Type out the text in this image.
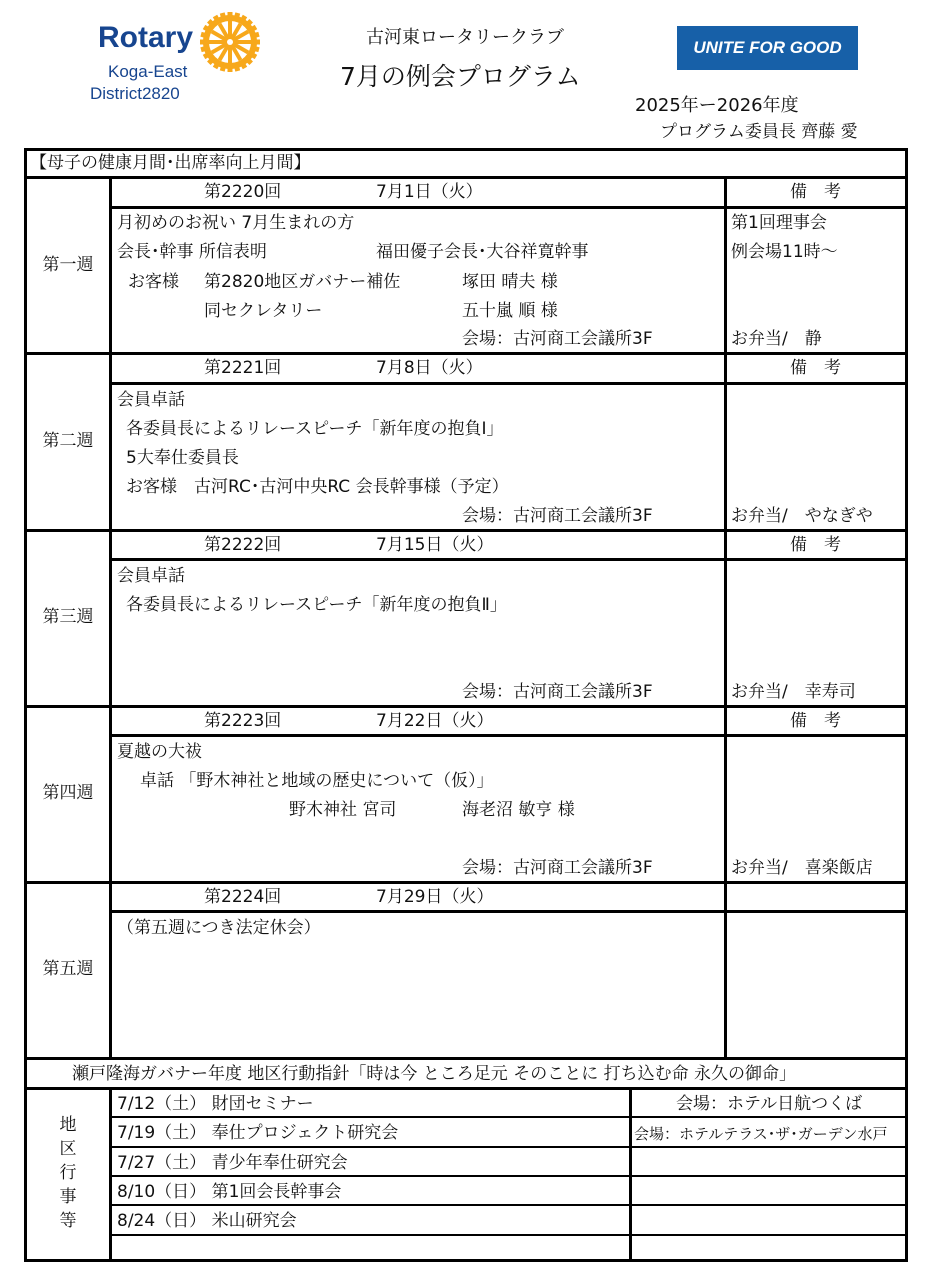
Rotary
Koga-East
District2820
古河東ロータリークラブ
7月の例会プログラム
UNITE FOR GOOD
2025年ー2026年度
プログラム委員長 齊藤 愛
【母子の健康月間･出席率向上月間】
第一週
第2220回	7月1日（火）	備　考
月初めのお祝い 7月生まれの方
会長･幹事 所信表明	福田優子会長･大谷祥寛幹事
お客様 第2820地区ガバナー補佐	塚田 晴夫 様
同セクレタリー	五十嵐 順 様
会場：古河商工会議所3F
第1回理事会
例会場11時～
お弁当/　静
第二週
第2221回	7月8日（火）	備　考
会員卓話
各委員長によるリレースピーチ「新年度の抱負Ⅰ」
5大奉仕委員長
お客様　古河RC･古河中央RC 会長幹事様（予定）
会場：古河商工会議所3F	お弁当/　やなぎや
第三週
第2222回	7月15日（火）	備　考
会員卓話
各委員長によるリレースピーチ「新年度の抱負Ⅱ」
会場：古河商工会議所3F	お弁当/　幸寿司
第四週
第2223回	7月22日（火）	備　考
夏越の大祓
卓話 「野木神社と地域の歴史について（仮）」
野木神社 宮司	海老沼 敏亨 様
会場：古河商工会議所3F	お弁当/　喜楽飯店
第五週
第2224回	7月29日（火）
（第五週につき法定休会）
瀬戸隆海ガバナー年度 地区行動指針「時は今 ところ足元 そのことに 打ち込む命 永久の御命」
地
区
行
事
等
7/12（土） 財団セミナー	会場：ホテル日航つくば
7/19（土） 奉仕プロジェクト研究会	会場：ホテルテラス･ザ･ガーデン水戸
7/27（土） 青少年奉仕研究会
8/10（日） 第1回会長幹事会
8/24（日） 米山研究会
